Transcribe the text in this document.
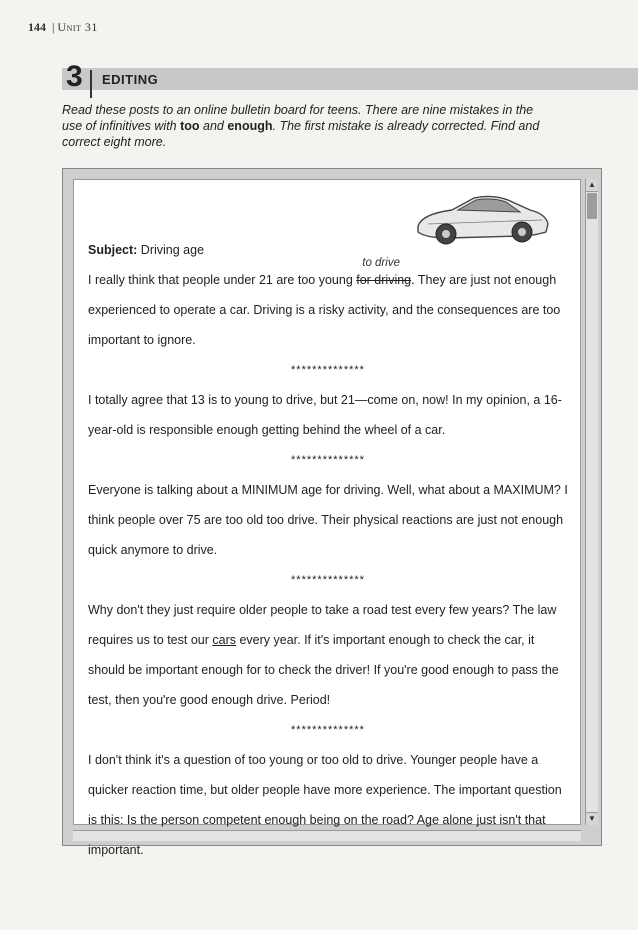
144 | Unit 31
3 EDITING
Read these posts to an online bulletin board for teens. There are nine mistakes in the use of infinitives with too and enough. The first mistake is already corrected. Find and correct eight more.
▲
▼

Subject: Driving age

I really think that people under 21 are too young
to drive
for driving. They are just not enough experienced to operate a car. Driving is a risky activity, and the consequences are too important to ignore.

**************

I totally agree that 13 is to young to drive, but 21—come on, now! In my opinion, a 16-year-old is responsible enough getting behind the wheel of a car.

**************

Everyone is talking about a MINIMUM age for driving. Well, what about a MAXIMUM? I think people over 75 are too old too drive. Their physical reactions are just not enough quick anymore to drive.

**************

Why don't they just require older people to take a road test every few years? The law requires us to test our cars every year. If it's important enough to check the car, it should be important enough for to check the driver! If you're good enough to pass the test, then you're good enough drive. Period!

**************

I don't think it's a question of too young or too old to drive. Younger people have a quicker reaction time, but older people have more experience. The important question is this: Is the person competent enough being on the road? Age alone just isn't that important.
